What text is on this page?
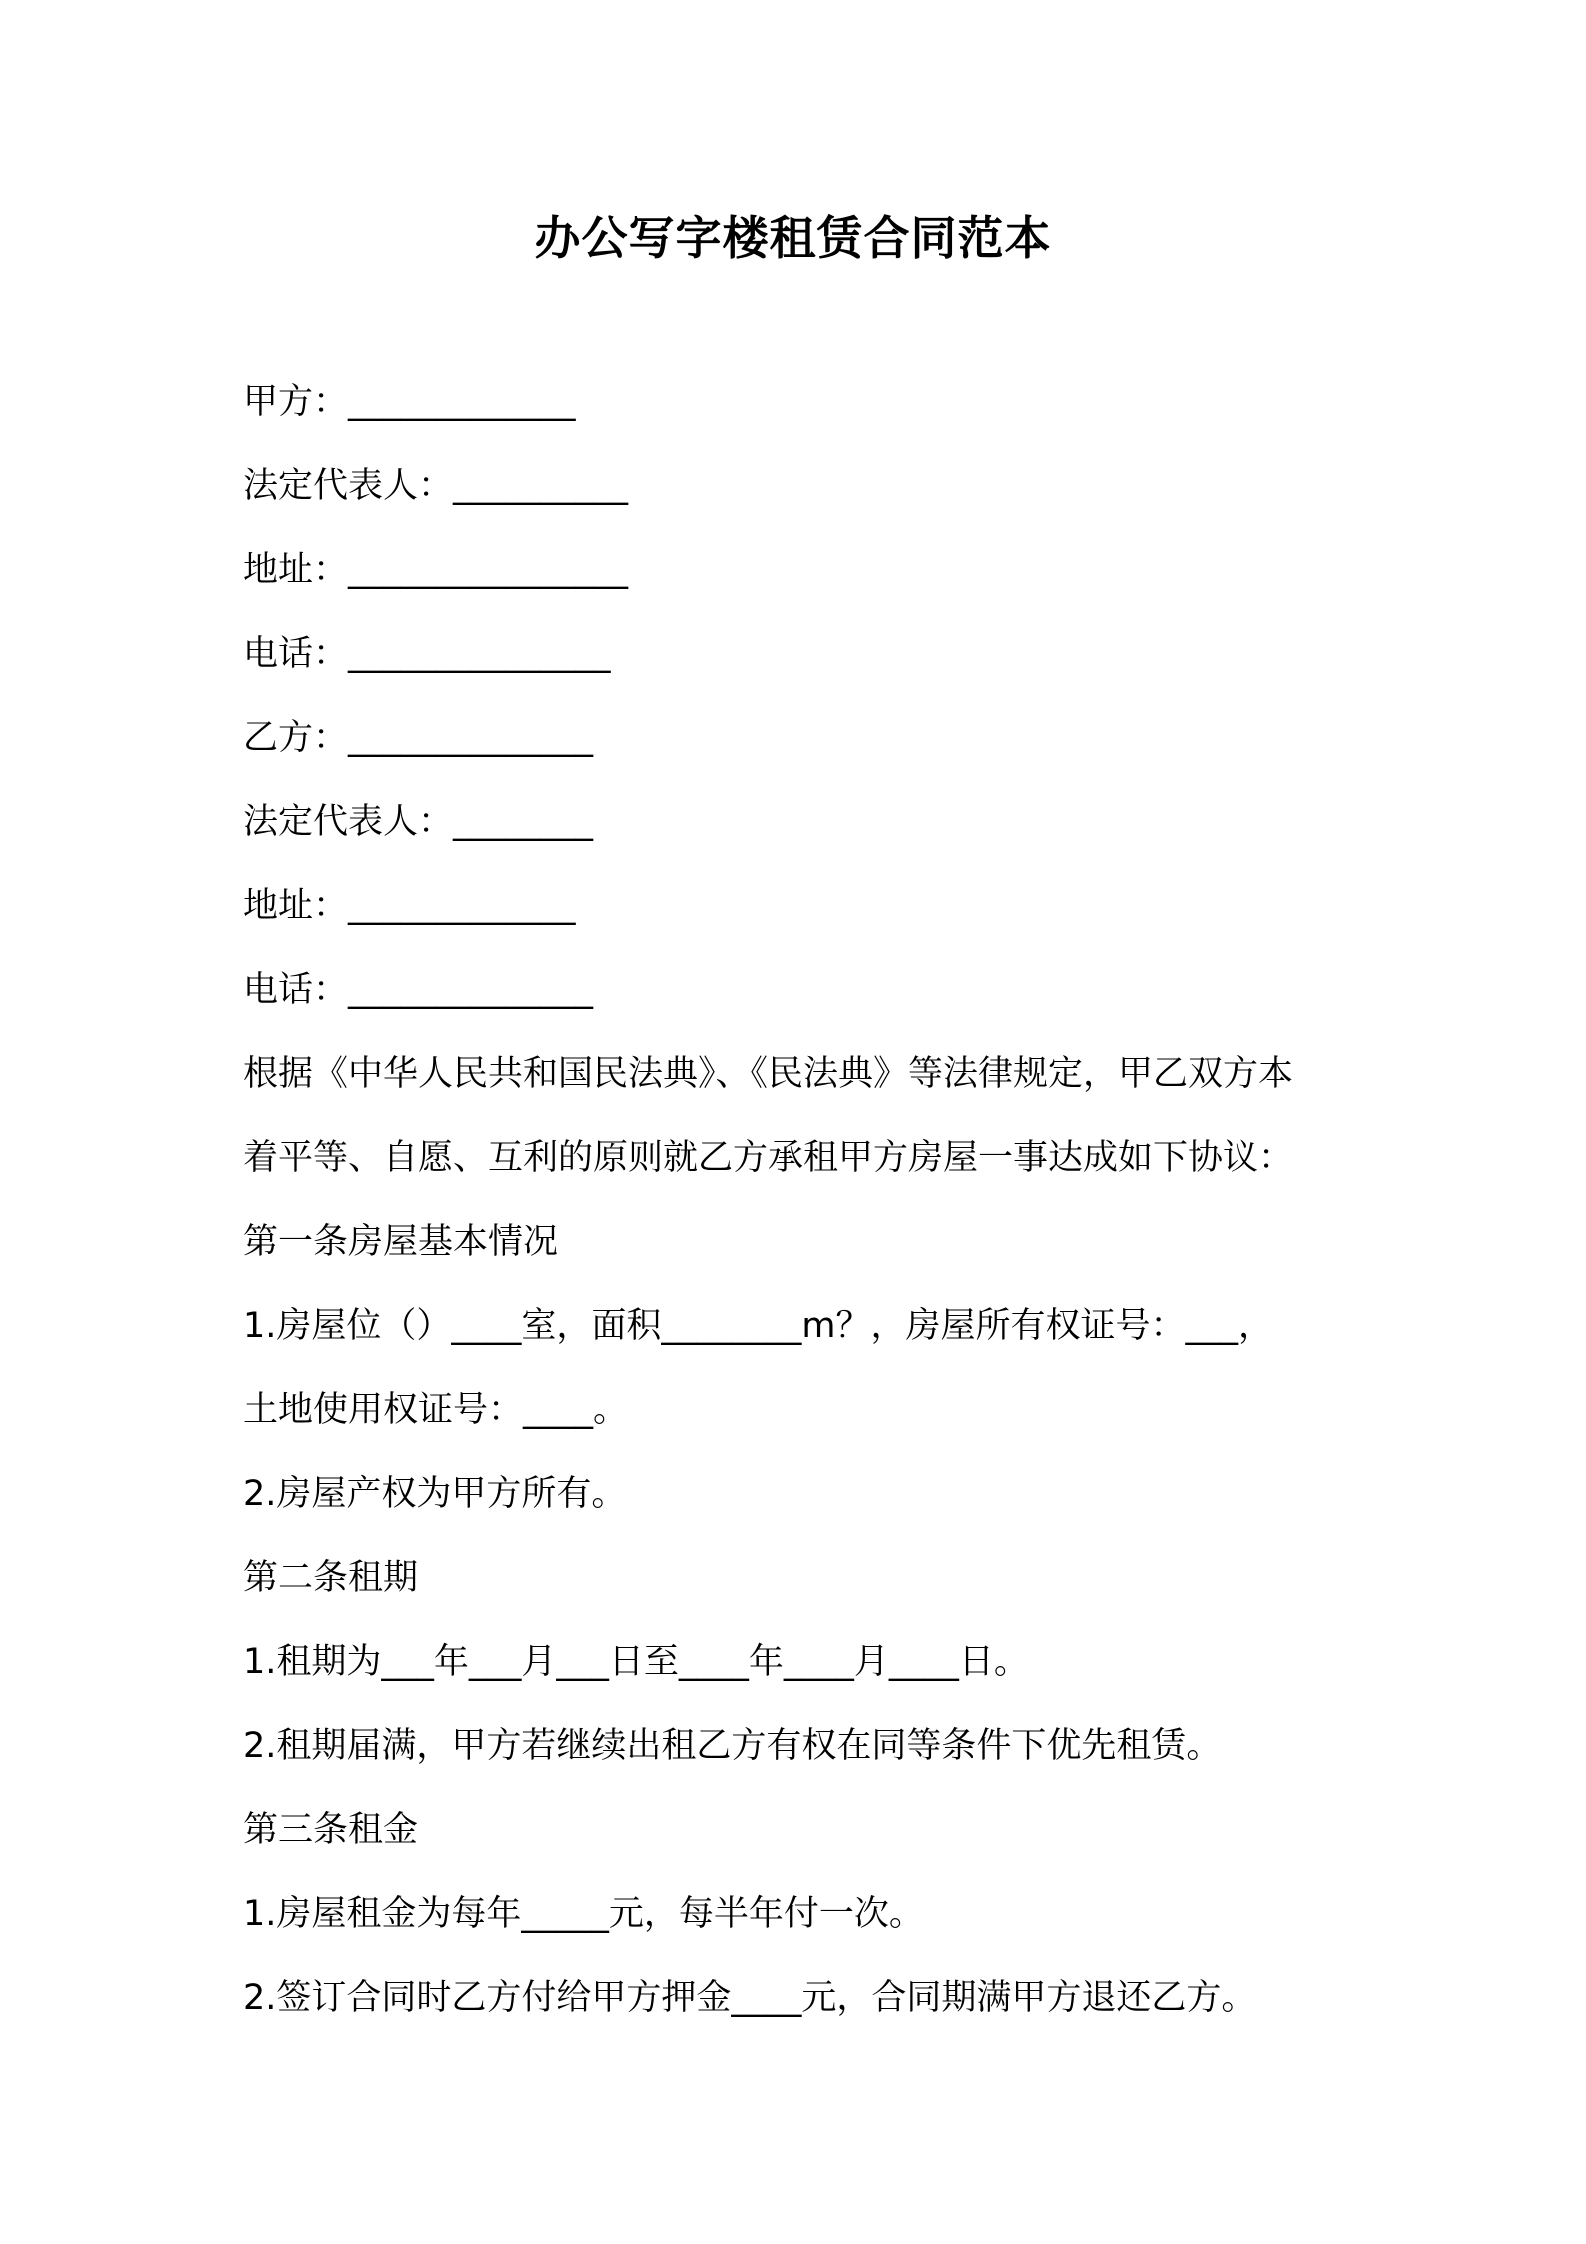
办公写字楼租赁合同范本

甲方：_____________

法定代表人：__________

地址：________________

电话：_______________

乙方：______________

法定代表人：________

地址：_____________

电话：______________

根据《中华人民共和国民法典》、《民法典》等法律规定，甲乙双方本

着平等、自愿、互利的原则就乙方承租甲方房屋一事达成如下协议：

第一条房屋基本情况

1.房屋位（）____室，面积________m？，房屋所有权证号：___，

土地使用权证号：____。

2.房屋产权为甲方所有。

第二条租期

1.租期为___年___月___日至____年____月____日。

2.租期届满，甲方若继续出租乙方有权在同等条件下优先租赁。

第三条租金

1.房屋租金为每年_____元，每半年付一次。

2.签订合同时乙方付给甲方押金____元，合同期满甲方退还乙方。
